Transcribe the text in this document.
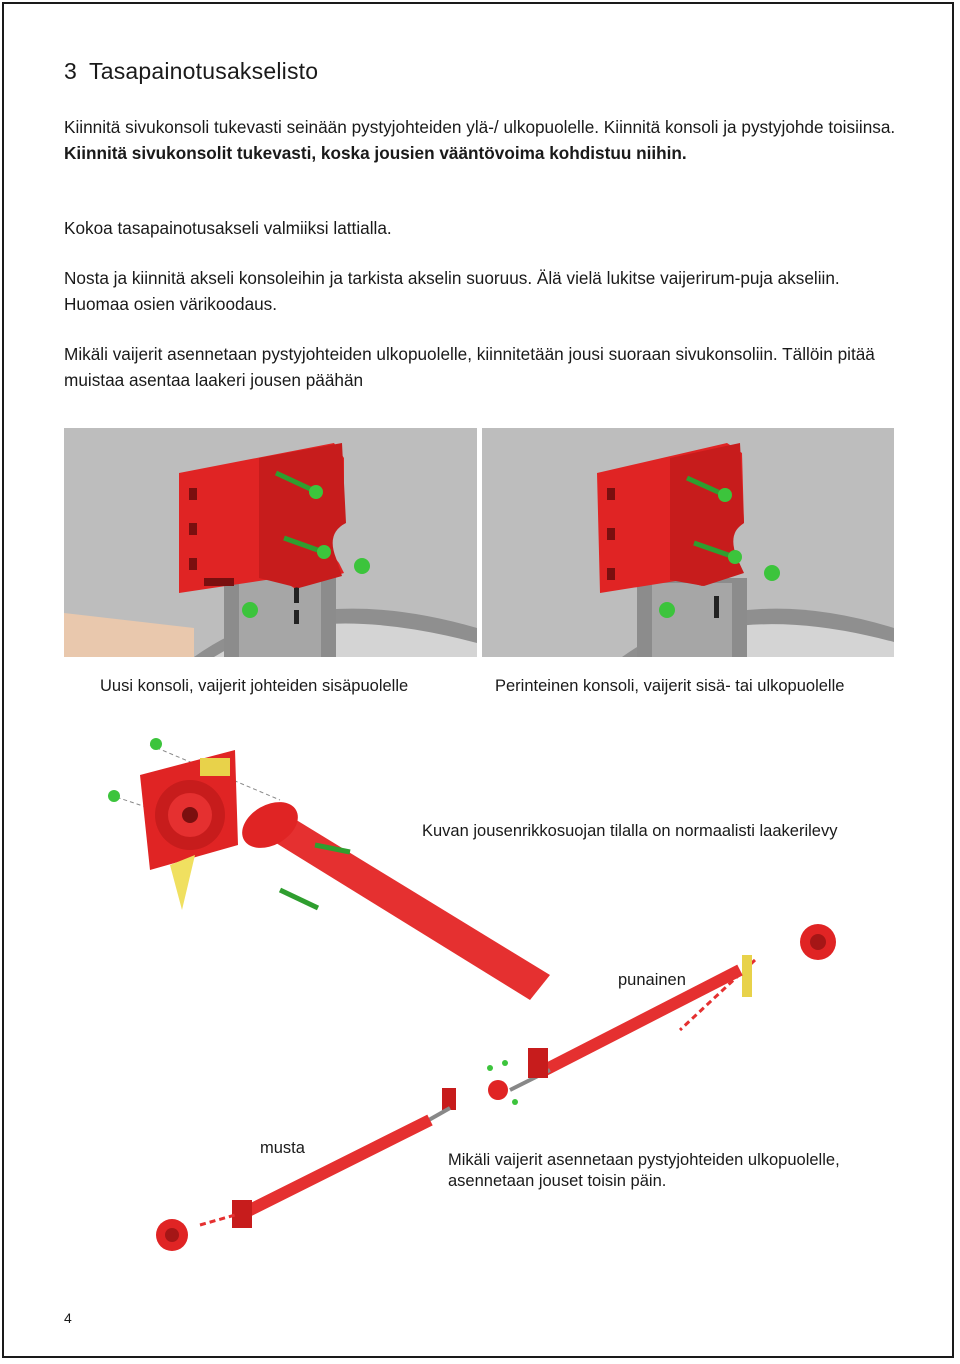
3 Tasapainotusakselisto

Kiinnitä sivukonsoli tukevasti seinään pystyjohteiden ylä-/ ulkopuolelle. Kiinnitä konsoli ja pystyjohde toisiinsa. Kiinnitä sivukonsolit tukevasti, koska jousien vääntövoima kohdistuu niihin.

Kokoa tasapainotusakseli valmiiksi lattialla.

Nosta ja kiinnitä akseli konsoleihin ja tarkista akselin suoruus. Älä vielä lukitse vaijerirum-puja akseliin. Huomaa osien värikoodaus.

Mikäli vaijerit asennetaan pystyjohteiden ulkopuolelle, kiinnitetään jousi suoraan sivukonsoliin. Tällöin pitää muistaa asentaa laakeri jousen päähän

Uusi konsoli, vaijerit johteiden sisäpuolelle	Perinteinen konsoli, vaijerit sisä- tai ulkopuolelle
Kuvan jousenrikkosuojan tilalla on normaalisti laakerilevy
punainen
musta
Mikäli vaijerit asennetaan pystyjohteiden ulkopuolelle,
asennetaan jouset toisin päin.
4
